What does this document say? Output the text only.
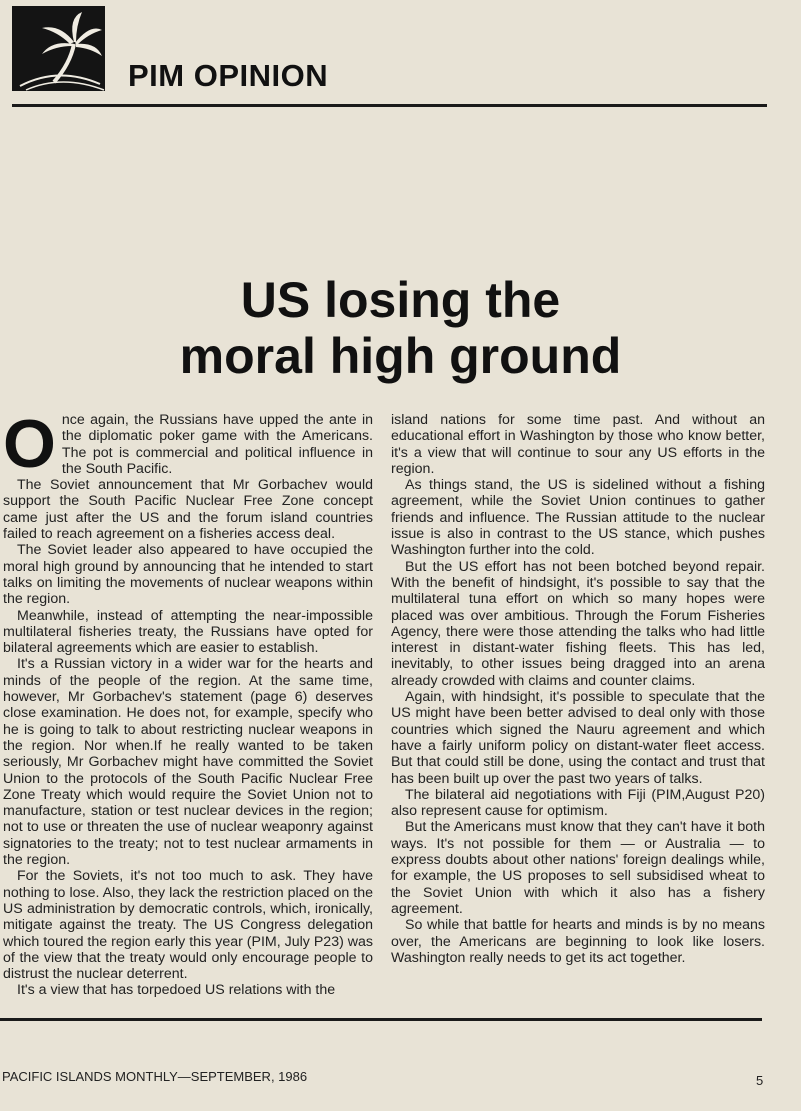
PIM OPINION
US losing the
moral high ground

Once again, the Russians have upped the ante in the diplomatic poker game with the Americans. The pot is commercial and political influence in the South Pacific.

The Soviet announcement that Mr Gorbachev would support the South Pacific Nuclear Free Zone concept came just after the US and the forum island countries failed to reach agreement on a fisheries access deal.

The Soviet leader also appeared to have occupied the moral high ground by announcing that he intended to start talks on limiting the movements of nuclear weapons within the region.

Meanwhile, instead of attempting the near-impossible multilateral fisheries treaty, the Russians have opted for bilateral agreements which are easier to establish.

It's a Russian victory in a wider war for the hearts and minds of the people of the region. At the same time, however, Mr Gorbachev's statement (page 6) deserves close examination. He does not, for example, specify who he is going to talk to about restricting nuclear weapons in the region. Nor when.If he really wanted to be taken seriously, Mr Gorbachev might have committed the Soviet Union to the protocols of the South Pacific Nuclear Free Zone Treaty which would require the Soviet Union not to manufacture, station or test nuclear devices in the region; not to use or threaten the use of nuclear weaponry against signatories to the treaty; not to test nuclear armaments in the region.

For the Soviets, it's not too much to ask. They have nothing to lose. Also, they lack the restriction placed on the US administration by democratic controls, which, ironically, mitigate against the treaty. The US Congress delegation which toured the region early this year (PIM, July P23) was of the view that the treaty would only encourage people to distrust the nuclear deterrent.

It's a view that has torpedoed US relations with the

island nations for some time past. And without an educational effort in Washington by those who know better, it's a view that will continue to sour any US efforts in the region.

As things stand, the US is sidelined without a fishing agreement, while the Soviet Union continues to gather friends and influence. The Russian attitude to the nuclear issue is also in contrast to the US stance, which pushes Washington further into the cold.

But the US effort has not been botched beyond repair. With the benefit of hindsight, it's possible to say that the multilateral tuna effort on which so many hopes were placed was over ambitious. Through the Forum Fisheries Agency, there were those attending the talks who had little interest in distant-water fishing fleets. This has led, inevitably, to other issues being dragged into an arena already crowded with claims and counter claims.

Again, with hindsight, it's possible to speculate that the US might have been better advised to deal only with those countries which signed the Nauru agreement and which have a fairly uniform policy on distant-water fleet access. But that could still be done, using the contact and trust that has been built up over the past two years of talks.

The bilateral aid negotiations with Fiji (PIM,August P20) also represent cause for optimism.

But the Americans must know that they can't have it both ways. It's not possible for them — or Australia — to express doubts about other nations' foreign dealings while, for example, the US proposes to sell subsidised wheat to the Soviet Union with which it also has a fishery agreement.

So while that battle for hearts and minds is by no means over, the Americans are beginning to look like losers. Washington really needs to get its act together.

PACIFIC ISLANDS MONTHLY—SEPTEMBER, 1986	5
